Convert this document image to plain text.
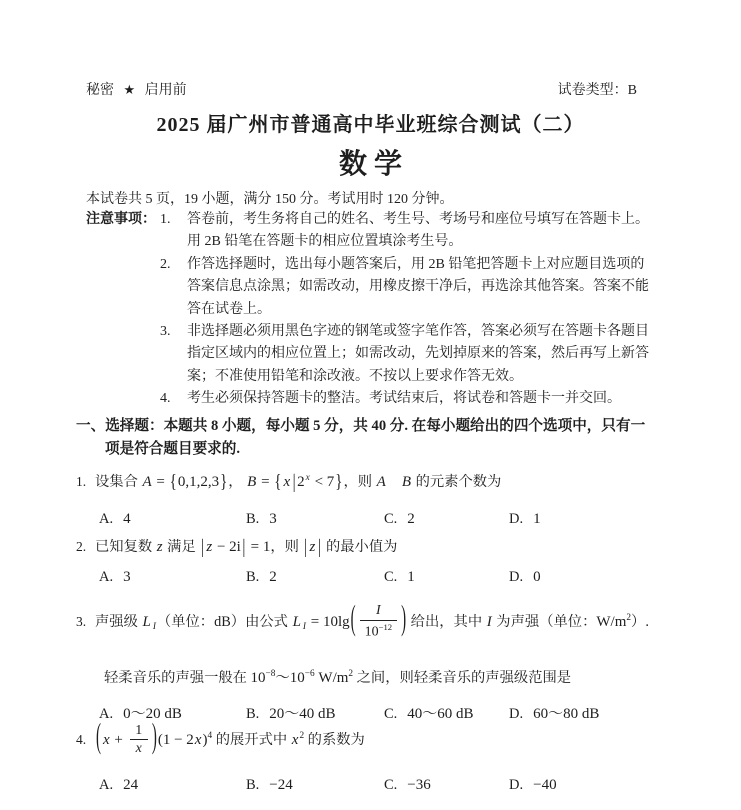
秘密 ★ 启用前	试卷类型：B
2025 届广州市普通高中毕业班综合测试（二）
数 学

本试卷共 5 页，19 小题，满分 150 分。考试用时 120 分钟。

注意事项： 1.	答卷前，考生务将自己的姓名、考生号、考场号和座位号填写在答题卡上。
用 2B 铅笔在答题卡的相应位置填涂考生号。
2.	作答选择题时，选出每小题答案后，用 2B 铅笔把答题卡上对应题目选项的
答案信息点涂黑；如需改动，用橡皮擦干净后，再选涂其他答案。答案不能
答在试卷上。
3.	非选择题必须用黑色字迹的钢笔或签字笔作答，答案必须写在答题卡各题目
指定区域内的相应位置上；如需改动，先划掉原来的答案，然后再写上新答
案；不准使用铅笔和涂改液。不按以上要求作答无效。
4.	考生必须保持答题卡的整洁。考试结束后，将试卷和答题卡一并交回。
一、选择题：本题共 8 小题，每小题 5 分，共 40 分. 在每小题给出的四个选项中，只有一
项是符合题目要求的.
1. 设集合 A = {0,1,2,3}， B = { x | $2^x < 7$}，则 A B 的元素个数为
A. 4	B. 3	C. 2	D. 1
2. 已知复数 z 满足 | z − 2i | = 1，则 | z | 的最小值为
A. 3	B. 2	C. 1	D. 0
3. 声强级 L $_I$（单位：dB）由公式 L $_I = 10\lg( \frac{I}{10^{-12}}$ ) 给出，其中 I 为声强（单位：$W/m^2$）.
轻柔音乐的声强一般在 $10^{-8}\sim 10^{-6}$ $W/m^2$ 之间，则轻柔音乐的声强级范围是
A. 0～20 dB	B. 20～40 dB	C. 40～60 dB	D. 60～80 dB
4. ( $x + \frac{1}{x} )(1 - 2x)^4$ 的展开式中 $x^2$ 的系数为
A. 24	B. −24	C. −36	D. −40
